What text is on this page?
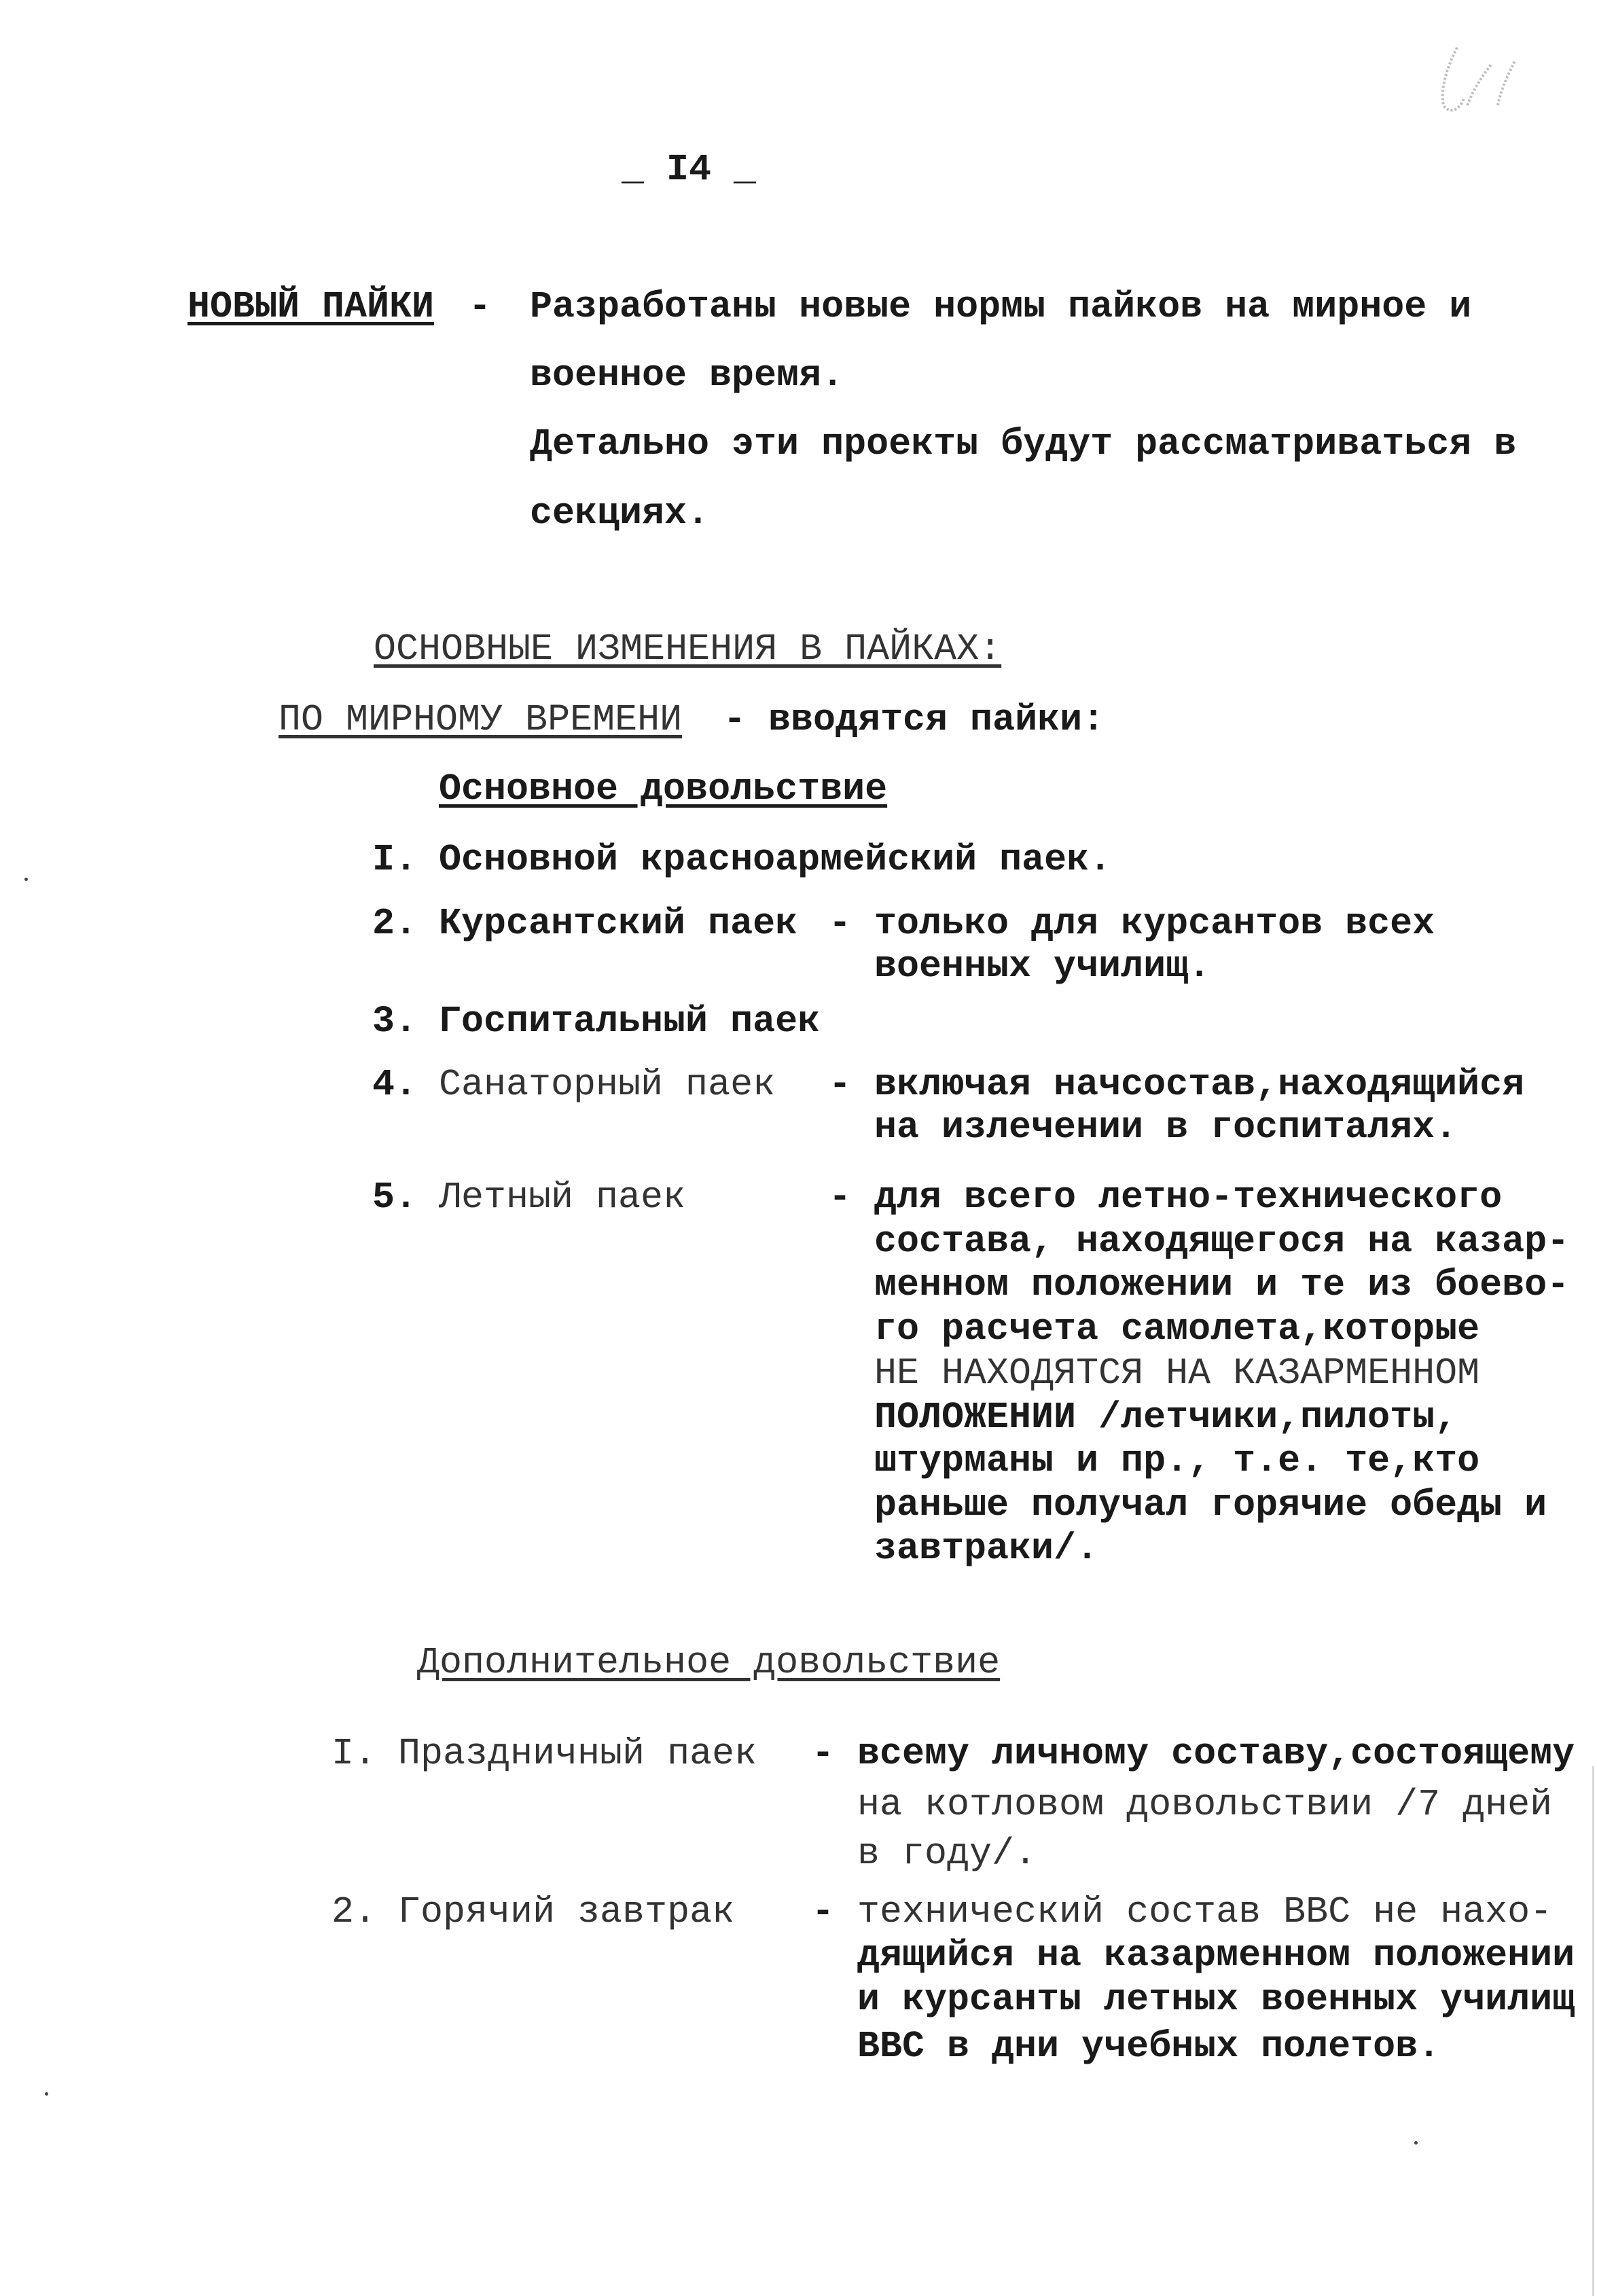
_ I4 _
НОВЫЙ ПАЙКИ - Разработаны новые нормы пайков на мирное и
военное время.
Детально эти проекты будут рассматриваться в
секциях.
ОСНОВНЫЕ ИЗМЕНЕНИЯ В ПАЙКАХ:
ПО МИРНОМУ ВРЕМЕНИ - вводятся пайки:
Основное довольствие
I. Основной красноармейский паек.
2. Курсантский паек - только для курсантов всех
военных училищ.
3. Госпитальный паек
4. Санаторный паек - включая начсостав,находящийся
на излечении в госпиталях.
5. Летный паек	- для всего летно-технического
состава, находящегося на казар-
менном положении и те из боево-
го расчета самолета,которые
НЕ НАХОДЯТСЯ НА КАЗАРМЕННОМ
ПОЛОЖЕНИИ /летчики,пилоты,
штурманы и пр., т.е. те,кто
раньше получал горячие обеды и
завтраки/.
Дополнительное довольствие
I. Праздничный паек - всему личному составу,состоящему
на котловом довольствии /7 дней
в году/.
2. Горячий завтрак - технический состав ВВС не нахо-
дящийся на казарменном положении
и курсанты летных военных училищ
ВВС в дни учебных полетов.
